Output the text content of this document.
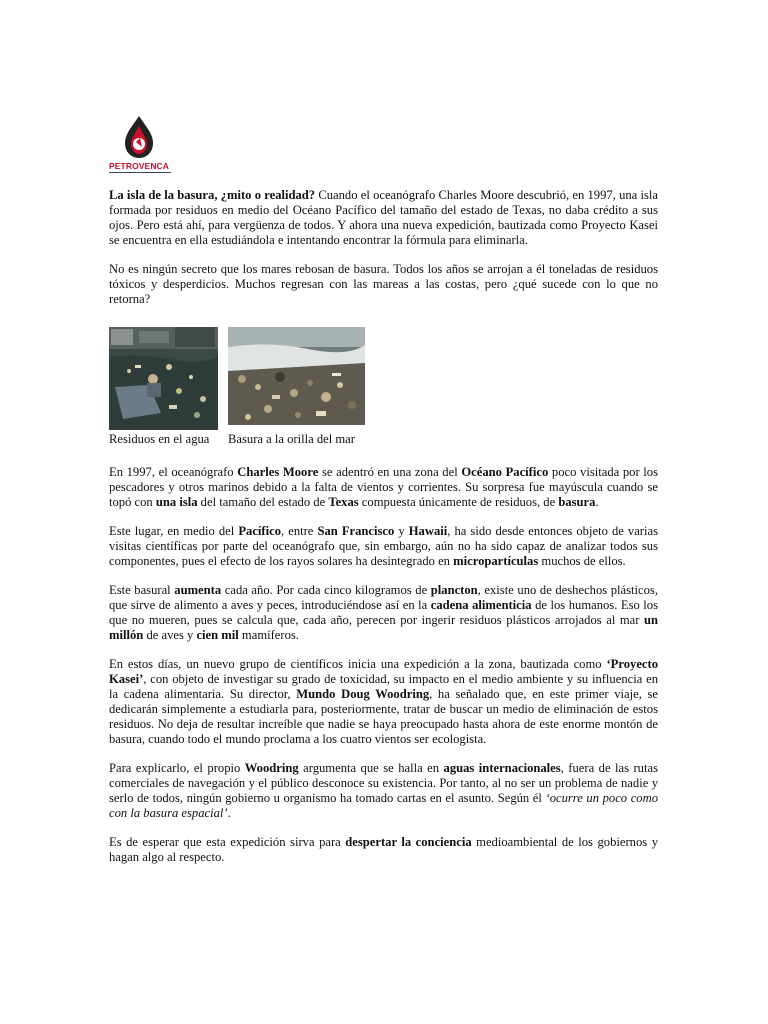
PETROVENCA

La isla de la basura, ¿mito o realidad? Cuando el oceanógrafo Charles Moore descubrió, en 1997, una isla formada por residuos en medio del Océano Pacífico del tamaño del estado de Texas, no daba crédito a sus ojos. Pero está ahí, para vergüenza de todos. Y ahora una nueva expedición, bautizada como Proyecto Kasei se encuentra en ella estudiándola e intentando encontrar la fórmula para eliminarla.

No es ningún secreto que los mares rebosan de basura. Todos los años se arrojan a él toneladas de residuos tóxicos y desperdicios. Muchos regresan con las mareas a las costas, pero ¿qué sucede con lo que no retorna?

Residuos en el agua	Basura a la orilla del mar

En 1997, el oceanógrafo Charles Moore se adentró en una zona del Océano Pacífico poco visitada por los pescadores y otros marinos debido a la falta de vientos y corrientes. Su sorpresa fue mayúscula cuando se topó con una isla del tamaño del estado de Texas compuesta únicamente de residuos, de basura.

Este lugar, en medio del Pacífico, entre San Francisco y Hawaii, ha sido desde entonces objeto de varias visitas científicas por parte del oceanógrafo que, sin embargo, aún no ha sido capaz de analizar todos sus componentes, pues el efecto de los rayos solares ha desintegrado en micropartículas muchos de ellos.

Este basural aumenta cada año. Por cada cinco kilogramos de plancton, existe uno de deshechos plásticos, que sirve de alimento a aves y peces, introduciéndose así en la cadena alimenticia de los humanos. Eso los que no mueren, pues se calcula que, cada año, perecen por ingerir residuos plásticos arrojados al mar un millón de aves y cien mil mamíferos.

En estos días, un nuevo grupo de científicos inicia una expedición a la zona, bautizada como ‘Proyecto Kasei’, con objeto de investigar su grado de toxicidad, su impacto en el medio ambiente y su influencia en la cadena alimentaria. Su director, Mundo Doug Woodring, ha señalado que, en este primer viaje, se dedicarán simplemente a estudiarla para, posteriormente, tratar de buscar un medio de eliminación de estos residuos. No deja de resultar increíble que nadie se haya preocupado hasta ahora de este enorme montón de basura, cuando todo el mundo proclama a los cuatro vientos ser ecologista.

Para explicarlo, el propio Woodring argumenta que se halla en aguas internacionales, fuera de las rutas comerciales de navegación y el público desconoce su existencia. Por tanto, al no ser un problema de nadie y serlo de todos, ningún gobierno u organismo ha tomado cartas en el asunto. Según él ‘ocurre un poco como con la basura espacial’.

Es de esperar que esta expedición sirva para despertar la conciencia medioambiental de los gobiernos y hagan algo al respecto.
